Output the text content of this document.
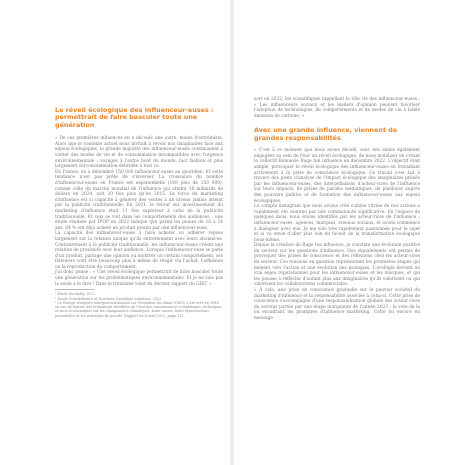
Le réveil écologique des influenceur·euses : permettrait de faire basculer toute une génération

« De ces premières influences en a découlé une autre, moins d'extrémiste. Alors que le contexte actuel nous invitait à revoir nos imaginaires face aux enjeux écologiques, la grande majorité des influenceur·euses continuaient à vanter des modes de vie et de consommation incompatibles avec l'urgence environnementale : voyages à l'autre bout du monde, fast fashion et plus largement surconsommation débridée à tout va.

En France, on a dénombré 150 000 influenceur·euses au quotidien. Et cette tendance n'est pas prête de s'inverser. La croissance du nombre d'influenceur·euses en France est exponentielle (169 plus de 150 000), comme celle du marché mondial de l'influence qui atteint 16 milliards de dollars en 2024, soit 20 fois plus qu'en 2015. La force du marketing d'influence est si capacité à générer des ventes à un niveau jamais atteint par la publicité traditionnelle. En 2021, le retour sur investissement du marketing d'influence était 11 fois supérieur à celui de la publicité traditionnelle. Et cela se voit dans les comportements des audiences : une étude réalisée par IFOP en 2022 indique que parmi les jeunes de 18 à 24 ans, 64 % ont déjà acheté un produit promu par une influenceur·euse.

La capacité des influenceur·euses à faire acheter ou adhérer repose largement sur la relation unique qu'ils entretiennent avec leurs abonné·es. Contrairement à la publicité traditionnelle, les influenceur·euses créent une relation de proximité avec leur audience. Lorsque l'influenceur·euse se parle d'un produit, partage une opinion ou montrer un certain comportement, ses followers vont être beaucoup plus à même de réagir via l'achat, l'adhésion ou la reproduction du comportement.

J'ai donc pensé : « Une réveil écologique permettrait de faire basculer toute une génération sur les problématiques environnementales. Et je ne suis pas la seule à le dire ! Dans le treizième volet du dernier rapport du GIEC »

¹ Étude Stocksfiy, 2022.

² Étude Traackfluence et Northern Candidate Solutions, 2022.

³ Le Groupe d'experts intergouvernemental sur l'évolution du climat (GIEC) a été créé en 1988 en vue de fournir des évaluations détaillées de l'état des connaissances scientifiques, techniques et socio-économiques sur les changements climatiques, leurs causes, leurs répercussions potentielles et les stratégies de parade. Rapport du 4 avril 2022, page 131.

sort en 2022, les scientifiques rappellent le rôle clé des influenceur·euses : « Les influenceurs sociaux et les leaders d'opinion peuvent favoriser l'adoption de technologies, de comportements et de modes de vie à faible émission de carbone. »

Avec une grande influence, viennent de grandes responsabilités

« C'est à ce moment que nous avons décidé, avec des amies également engagées au sein de Pour un réveil écologique, de nous mobiliser en créant le collectif Bonnevie Rage ton influence en décembre 2022. L'objectif était simple, provoquer le réveil écologique des influenceur·euses en travaillant activement à la prise de conscience écologique. Ce travail s'est fait à travers des posts d'analyse de l'impact écologique des imaginaires prônés par les influenceur·euses, des interpellations d'acteur·rices de l'influence sur leurs impacts, de prises de paroles médiatiques, de plaidoyer auprès des pouvoirs publics et de formation des influenceur·euses aux enjeux écologiques.

Le compte instagram que nous avions créé comme vitrine de nos actions a rapidement été soutenu par une communauté significative. En l'espace de quelques mois, nous étions identifiés par les acteur·rices de l'influence : influenceur·euses, agences, marques, réseaux sociaux, et avons commencé à dialoguer avec eux. Je me suis très rapidement passionnée pour le sujet et ai vu envie d'aller plus loin en faveur de la transformation écologique nous-même.

Depuis la création de Rage ton influence, je constate une évolution positive du secteur sur les questions d'influence. Nos signalements ont permis de provoquer des prises de conscience et des réflexions chez les acteur·rices du secteur. Ces tensions en question représentent les premières étapes qui mènent vers l'action et une évolution des pratiques. L'écologie devient un vrai enjeu réputationnel pour les influenceur·euses et les marques, et qui les pousse à réfléchir d'autant plus aux imaginaires qu'ils valorisent ou qui valorisent les collaborations commerciales.

« À cela, une prise de conscience graduelle sur le pouvoir sociétal du marketing d'influence et la responsabilité associée à celui-ci. Cette prise de conscience s'accompagne d'une responsabilisation globale des acteur·rices du secteur portée par une étape marquante de l'année 2023 : le vote de la loi encadrant les pratiques d'influence marketing. Cette loi encore en message
